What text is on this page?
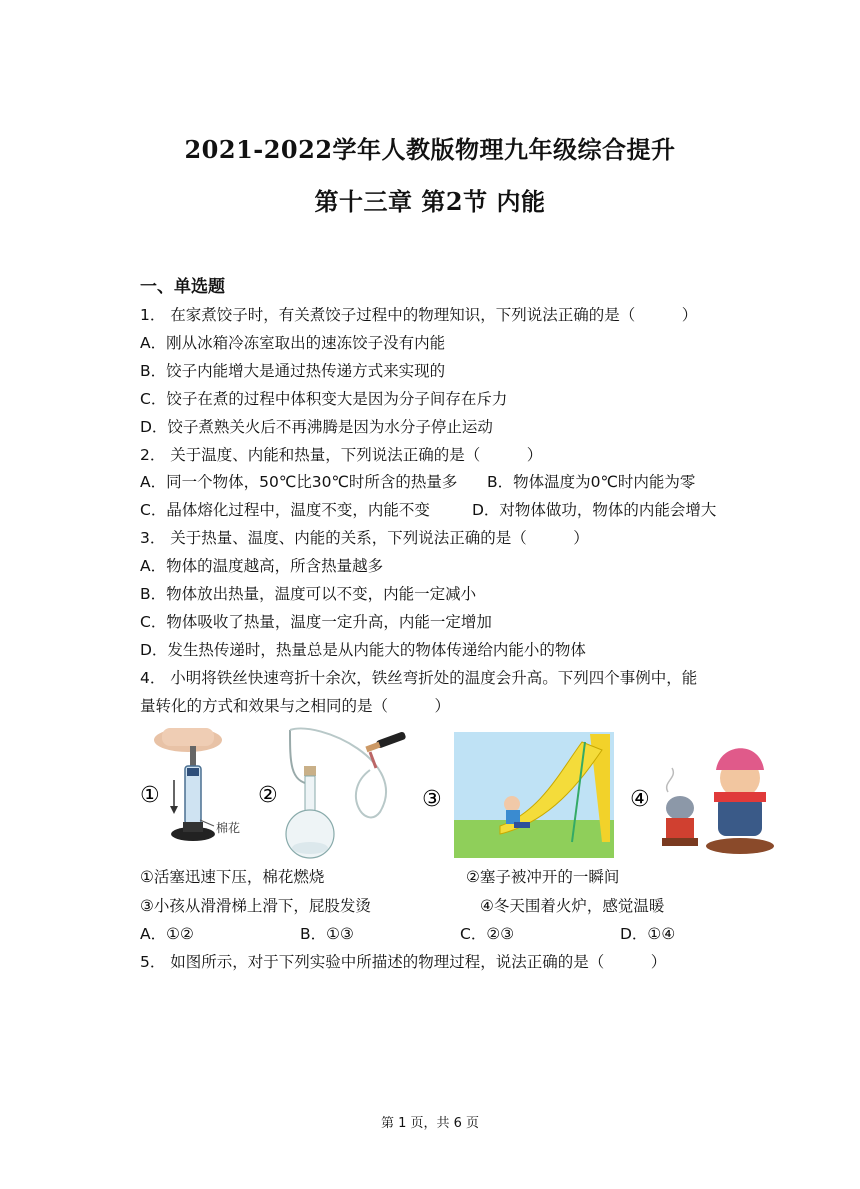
2021-2022学年人教版物理九年级综合提升
第十三章 第2节 内能
一、单选题
1． 在家煮饺子时，有关煮饺子过程中的物理知识，下列说法正确的是（　　　）
A．刚从冰箱冷冻室取出的速冻饺子没有内能
B．饺子内能增大是通过热传递方式来实现的
C．饺子在煮的过程中体积变大是因为分子间存在斥力
D．饺子煮熟关火后不再沸腾是因为水分子停止运动
2． 关于温度、内能和热量，下列说法正确的是（　　　）
A．同一个物体，50℃比30℃时所含的热量多 B．物体温度为0℃时内能为零
C．晶体熔化过程中，温度不变，内能不变	D．对物体做功，物体的内能会增大
3． 关于热量、温度、内能的关系，下列说法正确的是（　　　）
A．物体的温度越高，所含热量越多
B．物体放出热量，温度可以不变，内能一定减小
C．物体吸收了热量，温度一定升高，内能一定增加
D．发生热传递时，热量总是从内能大的物体传递给内能小的物体
4． 小明将铁丝快速弯折十余次，铁丝弯折处的温度会升高。下列四个事例中，能
量转化的方式和效果与之相同的是（　　　）
①
棉花
②	③	④
①活塞迅速下压，棉花燃烧	②塞子被冲开的一瞬间
③小孩从滑滑梯上滑下，屁股发烫	④冬天围着火炉，感觉温暖
A．①②	B．①③	C．②③	D．①④
5． 如图所示，对于下列实验中所描述的物理过程，说法正确的是（　　　）
第 1 页，共 6 页
